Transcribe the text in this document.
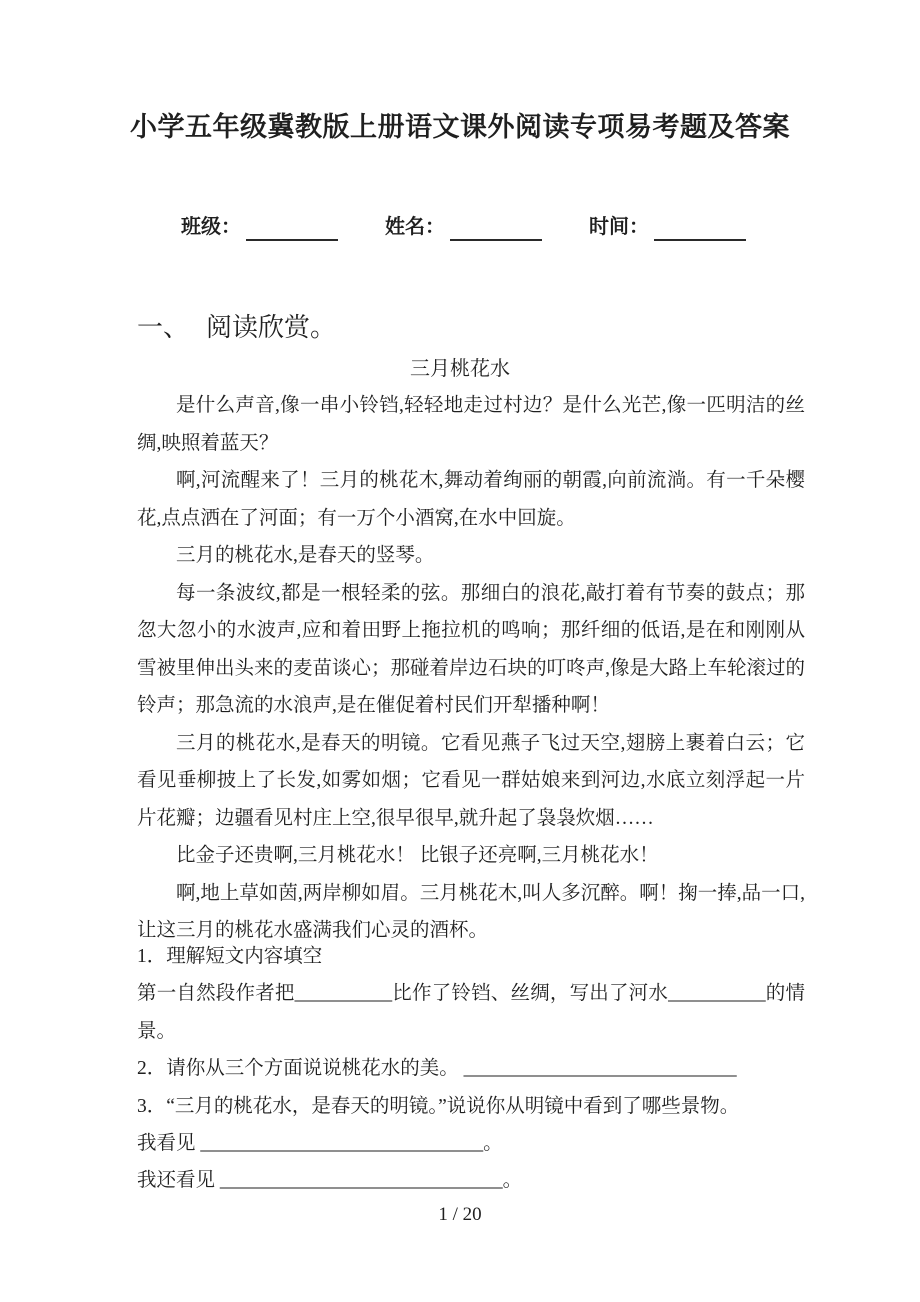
小学五年级冀教版上册语文课外阅读专项易考题及答案
班级：	姓名：	时间：
一、 阅读欣赏。
三月桃花水

是什么声音,像一串小铃铛,轻轻地走过村边？是什么光芒,像一匹明洁的丝绸,映照着蓝天？

啊,河流醒来了！三月的桃花木,舞动着绚丽的朝霞,向前流淌。有一千朵樱花,点点洒在了河面；有一万个小酒窝,在水中回旋。

三月的桃花水,是春天的竖琴。

每一条波纹,都是一根轻柔的弦。那细白的浪花,敲打着有节奏的鼓点；那忽大忽小的水波声,应和着田野上拖拉机的鸣响；那纤细的低语,是在和刚刚从雪被里伸出头来的麦苗谈心；那碰着岸边石块的叮咚声,像是大路上车轮滚过的铃声；那急流的水浪声,是在催促着村民们开犁播种啊！

三月的桃花水,是春天的明镜。它看见燕子飞过天空,翅膀上裹着白云；它看见垂柳披上了长发,如雾如烟；它看见一群姑娘来到河边,水底立刻浮起一片片花瓣；边疆看见村庄上空,很早很早,就升起了袅袅炊烟……

比金子还贵啊,三月桃花水！ 比银子还亮啊,三月桃花水！

啊,地上草如茵,两岸柳如眉。三月桃花木,叫人多沉醉。啊！掬一捧,品一口,让这三月的桃花水盛满我们心灵的酒杯。

1．理解短文内容填空

第一自然段作者把__________比作了铃铛、丝绸，写出了河水__________的情景。

2．请你从三个方面说说桃花水的美。 ____________________________

3．“三月的桃花水，是春天的明镜。”说说你从明镜中看到了哪些景物。

我看见 _____________________________。

我还看见 _____________________________。

1 / 20
